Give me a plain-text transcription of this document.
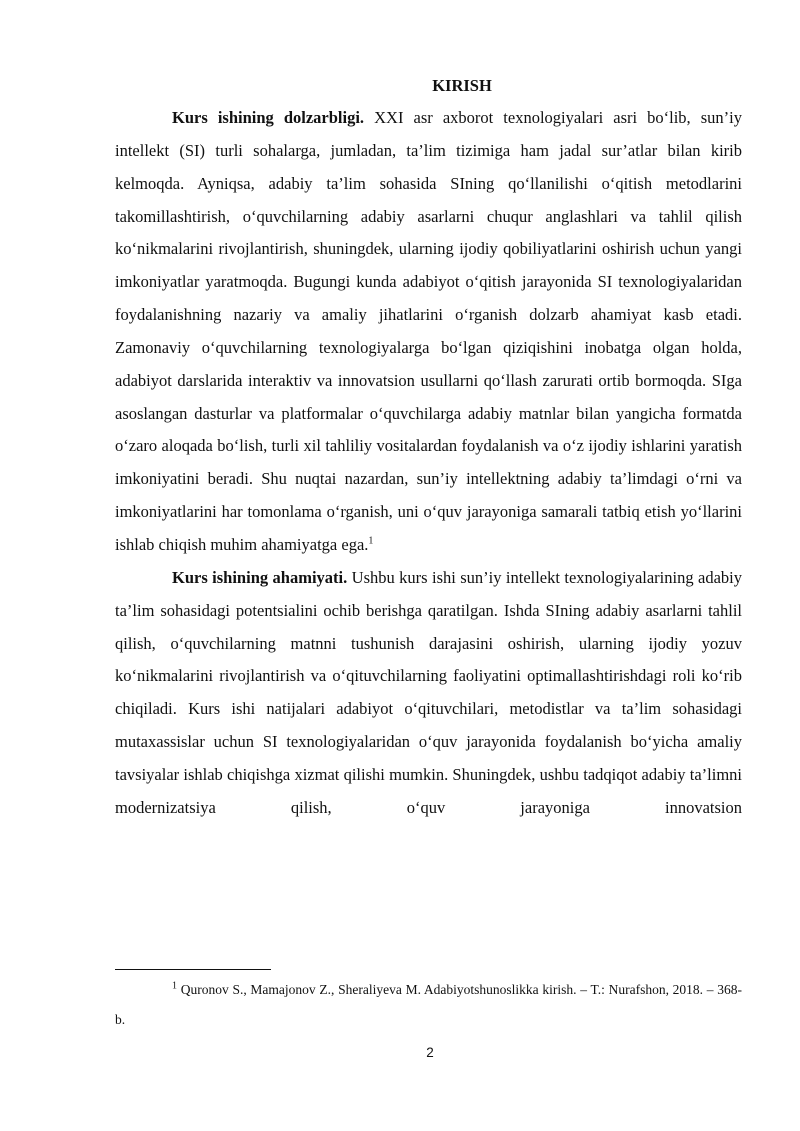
KIRISH

Kurs ishining dolzarbligi. XXI asr axborot texnologiyalari asri bo‘lib, sun’iy intellekt (SI) turli sohalarga, jumladan, ta’lim tizimiga ham jadal sur’atlar bilan kirib kelmoqda. Ayniqsa, adabiy ta’lim sohasida SIning qo‘llanilishi o‘qitish metodlarini takomillashtirish, o‘quvchilarning adabiy asarlarni chuqur anglashlari va tahlil qilish ko‘nikmalarini rivojlantirish, shuningdek, ularning ijodiy qobiliyatlarini oshirish uchun yangi imkoniyatlar yaratmoqda. Bugungi kunda adabiyot o‘qitish jarayonida SI texnologiyalaridan foydalanishning nazariy va amaliy jihatlarini o‘rganish dolzarb ahamiyat kasb etadi. Zamonaviy o‘quvchilarning texnologiyalarga bo‘lgan qiziqishini inobatga olgan holda, adabiyot darslarida interaktiv va innovatsion usullarni qo‘llash zarurati ortib bormoqda. SIga asoslangan dasturlar va platformalar o‘quvchilarga adabiy matnlar bilan yangicha formatda o‘zaro aloqada bo‘lish, turli xil tahliliy vositalardan foydalanish va o‘z ijodiy ishlarini yaratish imkoniyatini beradi. Shu nuqtai nazardan, sun’iy intellektning adabiy ta’limdagi o‘rni va imkoniyatlarini har tomonlama o‘rganish, uni o‘quv jarayoniga samarali tatbiq etish yo‘llarini ishlab chiqish muhim ahamiyatga ega.$^1$

Kurs ishining ahamiyati. Ushbu kurs ishi sun’iy intellekt texnologiyalarining adabiy ta’lim sohasidagi potentsialini ochib berishga qaratilgan. Ishda SIning adabiy asarlarni tahlil qilish, o‘quvchilarning matnni tushunish darajasini oshirish, ularning ijodiy yozuv ko‘nikmalarini rivojlantirish va o‘qituvchilarning faoliyatini optimallashtirishdagi roli ko‘rib chiqiladi. Kurs ishi natijalari adabiyot o‘qituvchilari, metodistlar va ta’lim sohasidagi mutaxassislar uchun SI texnologiyalaridan o‘quv jarayonida foydalanish bo‘yicha amaliy tavsiyalar ishlab chiqishga xizmat qilishi mumkin. Shuningdek, ushbu tadqiqot adabiy ta’limni modernizatsiya qilish, o‘quv jarayoniga innovatsion

$^1$ Quronov S., Mamajonov Z., Sheraliyeva M. Adabiyotshunoslikka kirish. – T.: Nurafshon, 2018. – 368-b.
2
